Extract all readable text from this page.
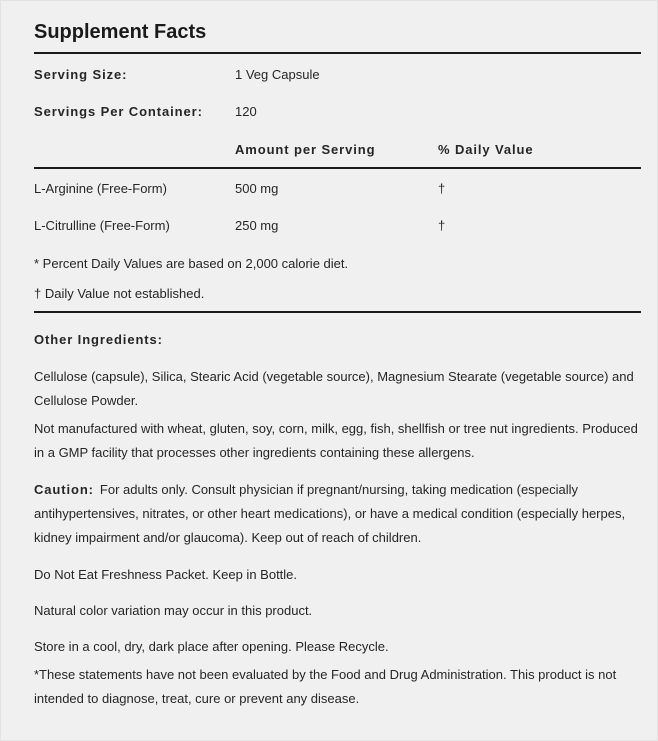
Supplement Facts
Serving Size:	1 Veg Capsule
Servings Per Container: 120
Amount per Serving	% Daily Value
L-Arginine (Free-Form)	500 mg	†
L-Citrulline (Free-Form)	250 mg	†
* Percent Daily Values are based on 2,000 calorie diet.
† Daily Value not established.
Other Ingredients:
Cellulose (capsule), Silica, Stearic Acid (vegetable source), Magnesium Stearate (vegetable source) and Cellulose Powder.
Not manufactured with wheat, gluten, soy, corn, milk, egg, fish, shellfish or tree nut ingredients. Produced in a GMP facility that processes other ingredients containing these allergens.
Caution: For adults only. Consult physician if pregnant/nursing, taking medication (especially antihypertensives, nitrates, or other heart medications), or have a medical condition (especially herpes, kidney impairment and/or glaucoma). Keep out of reach of children.
Do Not Eat Freshness Packet. Keep in Bottle.
Natural color variation may occur in this product.
Store in a cool, dry, dark place after opening. Please Recycle.
*These statements have not been evaluated by the Food and Drug Administration. This product is not intended to diagnose, treat, cure or prevent any disease.
